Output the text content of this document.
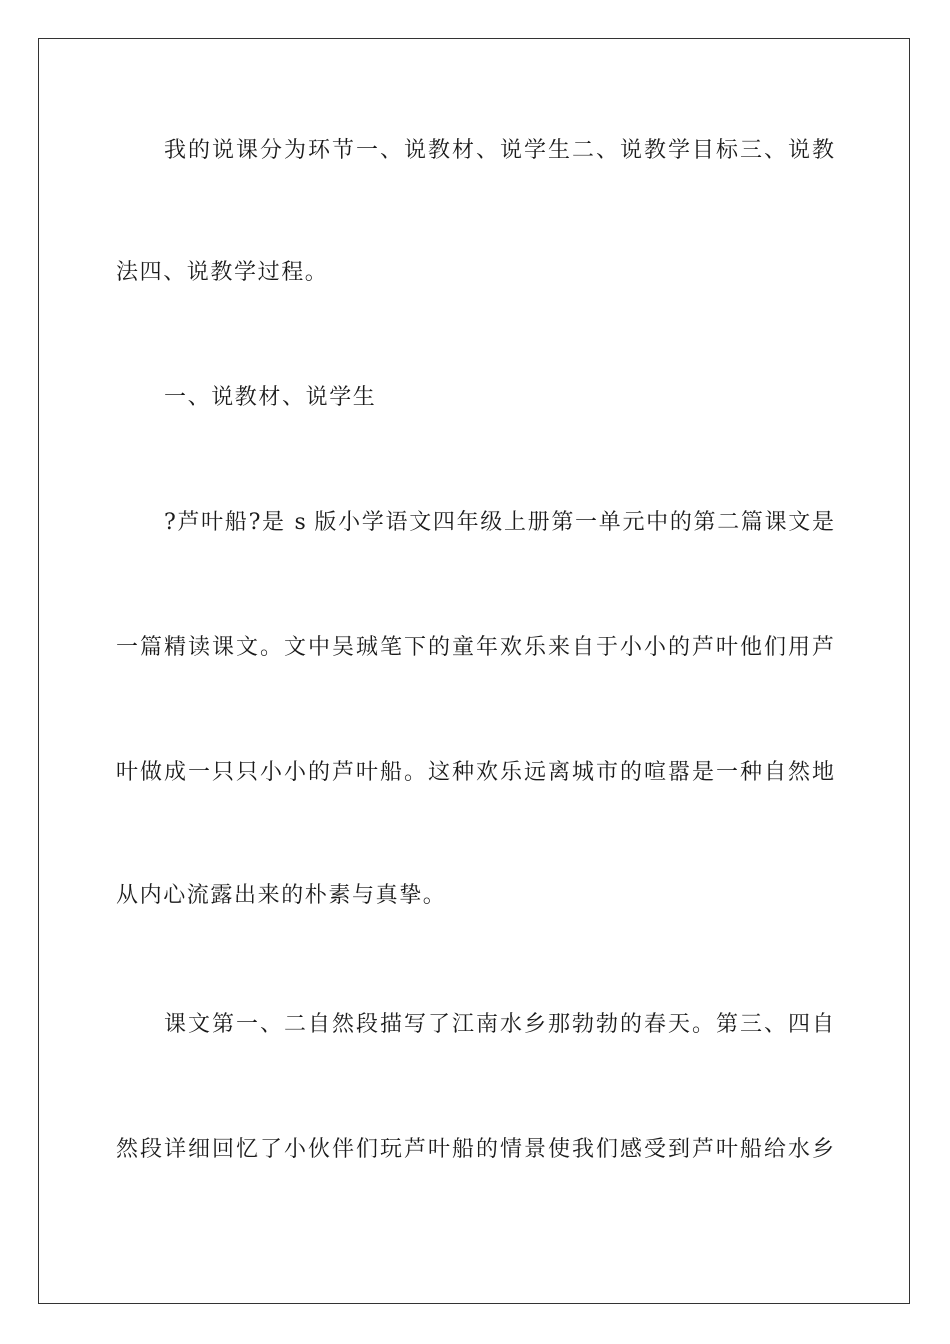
我的说课分为环节一、说教材、说学生二、说教学目标三、说教
法四、说教学过程。
一、说教材、说学生
?芦叶船?是 s 版小学语文四年级上册第一单元中的第二篇课文是
一篇精读课文。文中吴珹笔下的童年欢乐来自于小小的芦叶他们用芦
叶做成一只只小小的芦叶船。这种欢乐远离城市的喧嚣是一种自然地
从内心流露出来的朴素与真挚。
课文第一、二自然段描写了江南水乡那勃勃的春天。第三、四自
然段详细回忆了小伙伴们玩芦叶船的情景使我们感受到芦叶船给水乡
